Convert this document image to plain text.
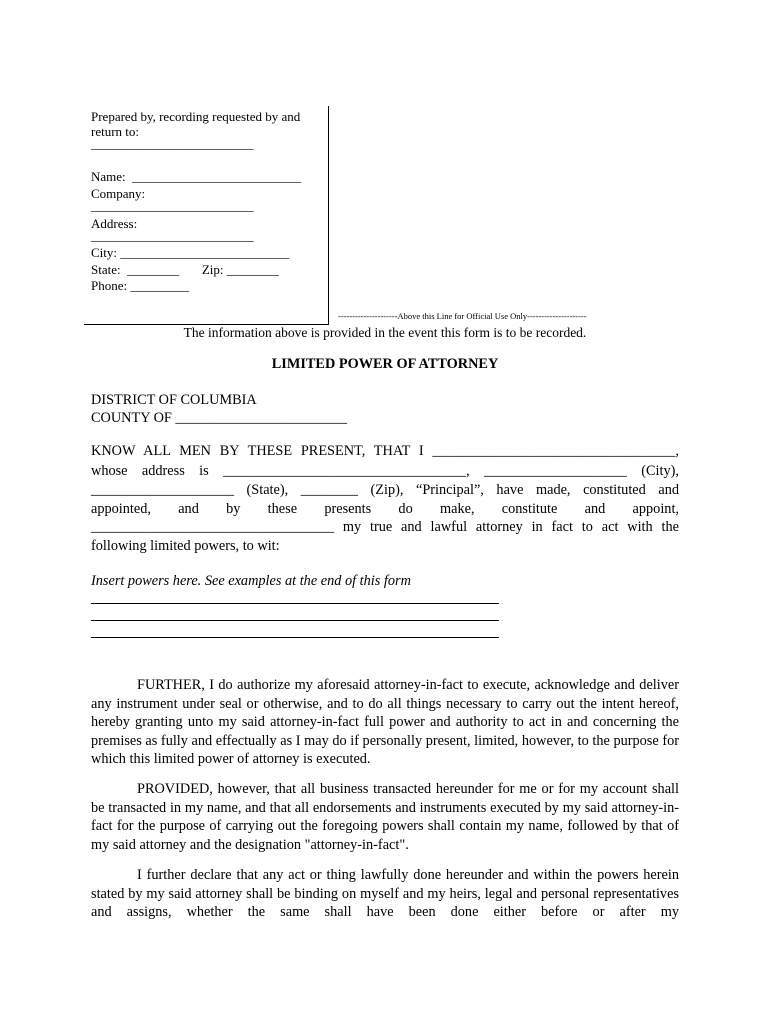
Prepared by, recording requested by and
return to:
_________________________
Name:  __________________________
Company:
_________________________
Address:
_________________________
City: __________________________
State:  ________       Zip: ________
Phone: _________
---------------------Above this Line for Official Use Only---------------------
The information above is provided in the event this form is to be recorded.
LIMITED POWER OF ATTORNEY
DISTRICT OF COLUMBIA
COUNTY OF ________________________
KNOW ALL MEN BY THESE PRESENT, THAT I __________________________________,
whose address is __________________________________, ____________________ (City),
____________________ (State), ________ (Zip), “Principal”, have made, constituted and
appointed, and by these presents do make, constitute and appoint,
__________________________________ my true and lawful attorney in fact to act with the
following limited powers, to wit:
Insert powers here. See examples at the end of this form
FURTHER, I do authorize my aforesaid attorney-in-fact to execute, acknowledge and deliver any instrument under seal or otherwise, and to do all things necessary to carry out the intent hereof, hereby granting unto my said attorney-in-fact full power and authority to act in and concerning the premises as fully and effectually as I may do if personally present, limited, however, to the purpose for which this limited power of attorney is executed.
PROVIDED, however, that all business transacted hereunder for me or for my account shall be transacted in my name, and that all endorsements and instruments executed by my said attorney-in-fact for the purpose of carrying out the foregoing powers shall contain my name, followed by that of my said attorney and the designation "attorney-in-fact".
I further declare that any act or thing lawfully done hereunder and within the powers herein stated by my said attorney shall be binding on myself and my heirs, legal and personal representatives and assigns, whether the same shall have been done either before or after my
